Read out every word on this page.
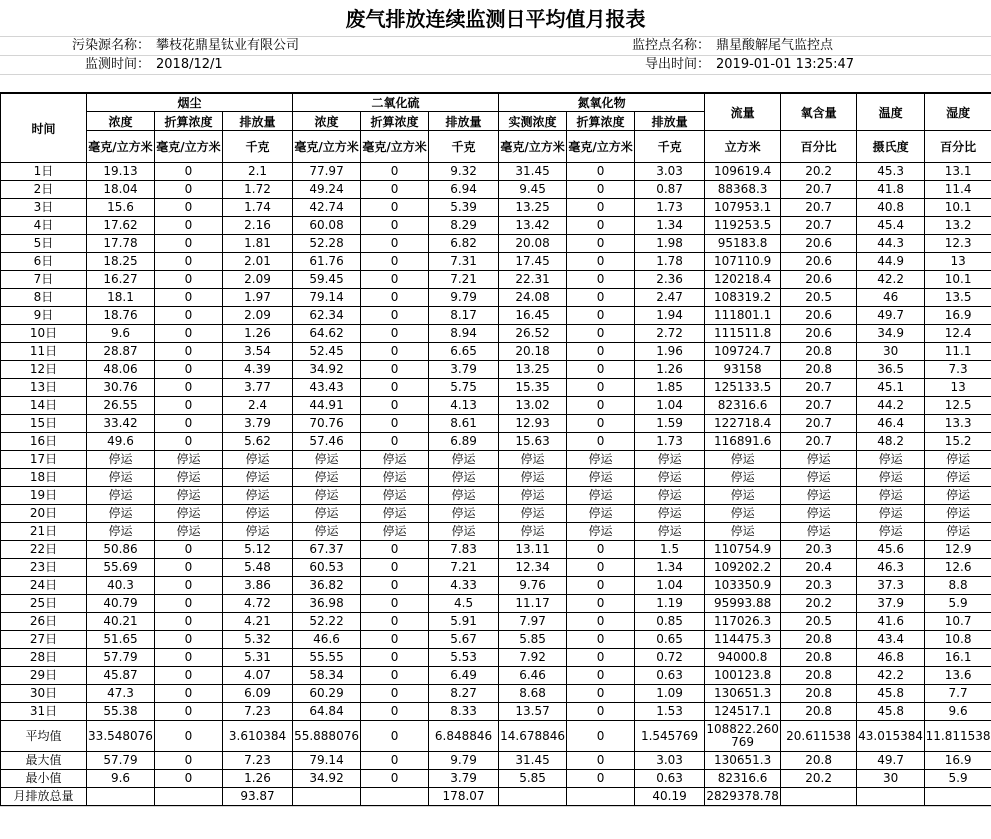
废气排放连续监测日平均值月报表
污染源名称： 攀枝花鼎星钛业有限公司	监控点名称： 鼎星酸解尾气监控点
监测时间： 2018/12/1	导出时间： 2019-01-01 13:25:47
时间	烟尘			二氧化硫			氮氧化物			流量	氧含量	温度	湿度
	浓度	折算浓度	排放量	浓度	折算浓度	排放量	实测浓度	折算浓度	排放量				
	毫克/立方米	毫克/立方米	千克	毫克/立方米	毫克/立方米	千克	毫克/立方米	毫克/立方米	千克	立方米	百分比	摄氏度	百分比
1日	19.13	0	2.1	77.97	0	9.32	31.45	0	3.03	109619.4	20.2	45.3	13.1
2日	18.04	0	1.72	49.24	0	6.94	9.45	0	0.87	88368.3	20.7	41.8	11.4
3日	15.6	0	1.74	42.74	0	5.39	13.25	0	1.73	107953.1	20.7	40.8	10.1
4日	17.62	0	2.16	60.08	0	8.29	13.42	0	1.34	119253.5	20.7	45.4	13.2
5日	17.78	0	1.81	52.28	0	6.82	20.08	0	1.98	95183.8	20.6	44.3	12.3
6日	18.25	0	2.01	61.76	0	7.31	17.45	0	1.78	107110.9	20.6	44.9	13
7日	16.27	0	2.09	59.45	0	7.21	22.31	0	2.36	120218.4	20.6	42.2	10.1
8日	18.1	0	1.97	79.14	0	9.79	24.08	0	2.47	108319.2	20.5	46	13.5
9日	18.76	0	2.09	62.34	0	8.17	16.45	0	1.94	111801.1	20.6	49.7	16.9
10日	9.6	0	1.26	64.62	0	8.94	26.52	0	2.72	111511.8	20.6	34.9	12.4
11日	28.87	0	3.54	52.45	0	6.65	20.18	0	1.96	109724.7	20.8	30	11.1
12日	48.06	0	4.39	34.92	0	3.79	13.25	0	1.26	93158	20.8	36.5	7.3
13日	30.76	0	3.77	43.43	0	5.75	15.35	0	1.85	125133.5	20.7	45.1	13
14日	26.55	0	2.4	44.91	0	4.13	13.02	0	1.04	82316.6	20.7	44.2	12.5
15日	33.42	0	3.79	70.76	0	8.61	12.93	0	1.59	122718.4	20.7	46.4	13.3
16日	49.6	0	5.62	57.46	0	6.89	15.63	0	1.73	116891.6	20.7	48.2	15.2
17日	停运	停运	停运	停运	停运	停运	停运	停运	停运	停运	停运	停运	停运
18日	停运	停运	停运	停运	停运	停运	停运	停运	停运	停运	停运	停运	停运
19日	停运	停运	停运	停运	停运	停运	停运	停运	停运	停运	停运	停运	停运
20日	停运	停运	停运	停运	停运	停运	停运	停运	停运	停运	停运	停运	停运
21日	停运	停运	停运	停运	停运	停运	停运	停运	停运	停运	停运	停运	停运
22日	50.86	0	5.12	67.37	0	7.83	13.11	0	1.5	110754.9	20.3	45.6	12.9
23日	55.69	0	5.48	60.53	0	7.21	12.34	0	1.34	109202.2	20.4	46.3	12.6
24日	40.3	0	3.86	36.82	0	4.33	9.76	0	1.04	103350.9	20.3	37.3	8.8
25日	40.79	0	4.72	36.98	0	4.5	11.17	0	1.19	95993.88	20.2	37.9	5.9
26日	40.21	0	4.21	52.22	0	5.91	7.97	0	0.85	117026.3	20.5	41.6	10.7
27日	51.65	0	5.32	46.6	0	5.67	5.85	0	0.65	114475.3	20.8	43.4	10.8
28日	57.79	0	5.31	55.55	0	5.53	7.92	0	0.72	94000.8	20.8	46.8	16.1
29日	45.87	0	4.07	58.34	0	6.49	6.46	0	0.63	100123.8	20.8	42.2	13.6
30日	47.3	0	6.09	60.29	0	8.27	8.68	0	1.09	130651.3	20.8	45.8	7.7
31日	55.38	0	7.23	64.84	0	8.33	13.57	0	1.53	124517.1	20.8	45.8	9.6
平均值	33.548076	0	3.610384	55.888076	0	6.848846	14.678846	0	1.545769	108822.260769	20.611538	43.015384	11.811538
最大值	57.79	0	7.23	79.14	0	9.79	31.45	0	3.03	130651.3	20.8	49.7	16.9
最小值	9.6	0	1.26	34.92	0	3.79	5.85	0	0.63	82316.6	20.2	30	5.9
月排放总量			93.87			178.07			40.19	2829378.78			
